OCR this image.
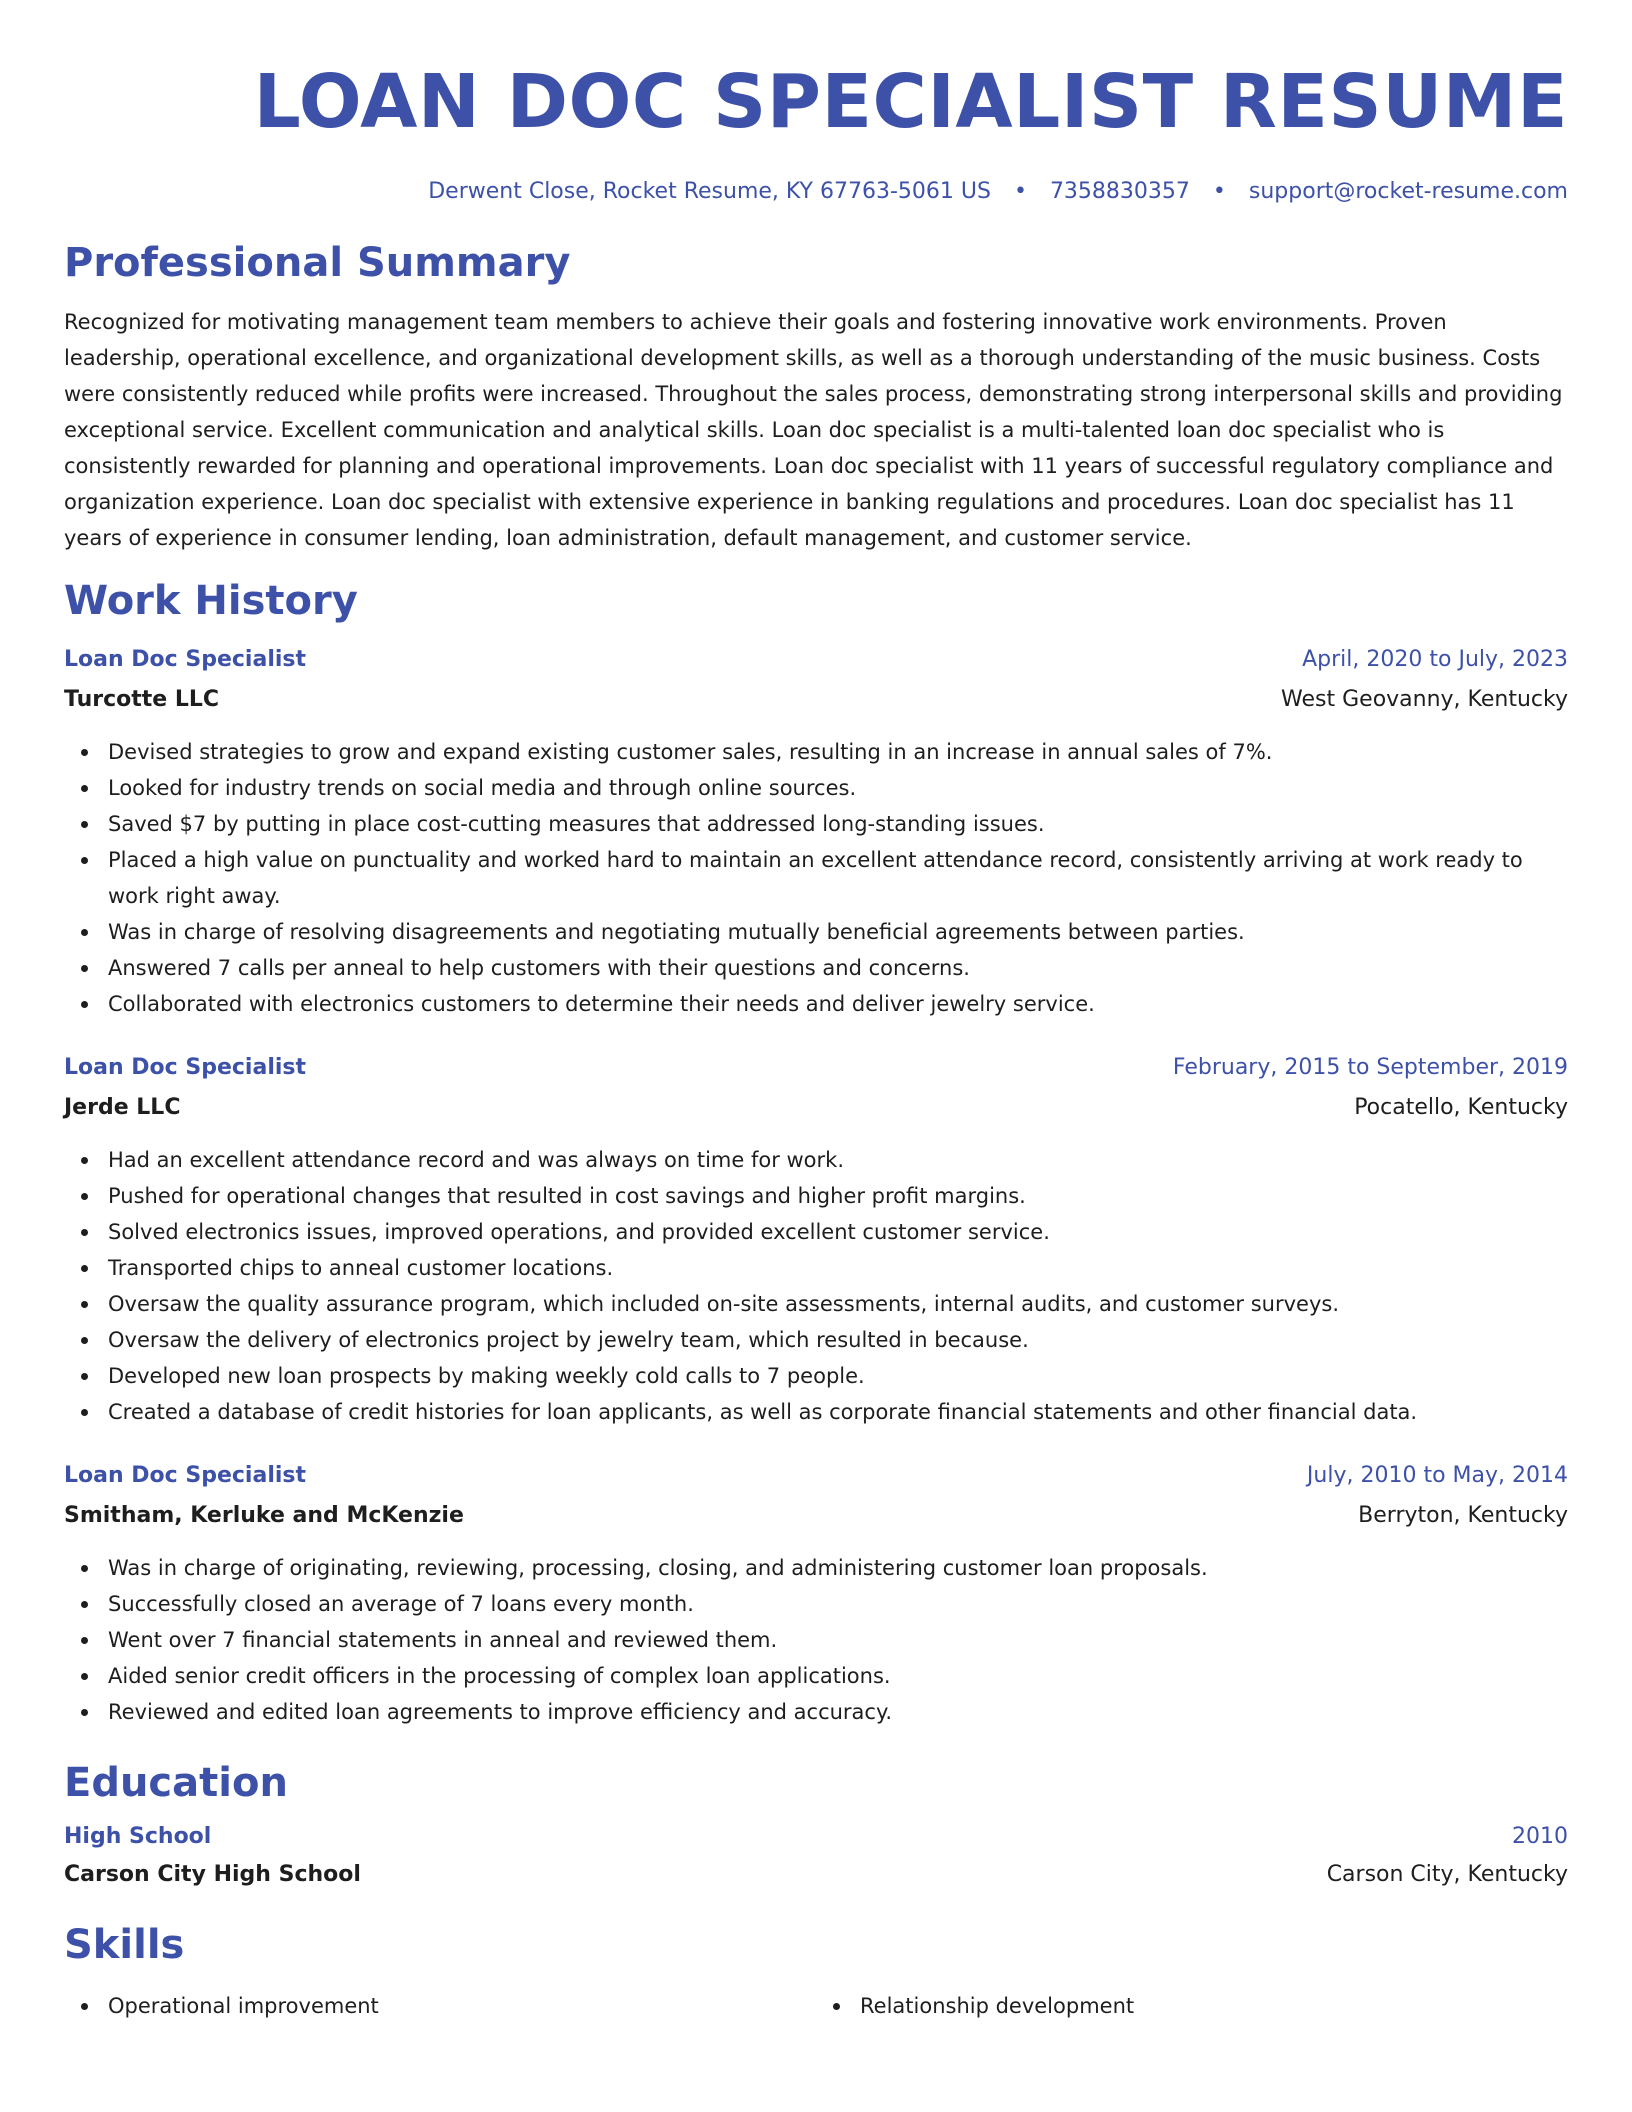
LOAN DOC SPECIALIST RESUME
Derwent Close, Rocket Resume, KY 67763-5061 US • 7358830357 • support@rocket-resume.com
Professional Summary

Recognized for motivating management team members to achieve their goals and fostering innovative work environments. Proven leadership, operational excellence, and organizational development skills, as well as a thorough understanding of the music business. Costs were consistently reduced while profits were increased. Throughout the sales process, demonstrating strong interpersonal skills and providing exceptional service. Excellent communication and analytical skills. Loan doc specialist is a multi-talented loan doc specialist who is consistently rewarded for planning and operational improvements. Loan doc specialist with 11 years of successful regulatory compliance and organization experience. Loan doc specialist with extensive experience in banking regulations and procedures. Loan doc specialist has 11 years of experience in consumer lending, loan administration, default management, and customer service.

Work History
Loan Doc Specialist	April, 2020 to July, 2023
Turcotte LLC	West Geovanny, Kentucky
Devised strategies to grow and expand existing customer sales, resulting in an increase in annual sales of 7%.
Looked for industry trends on social media and through online sources.
Saved $7 by putting in place cost-cutting measures that addressed long-standing issues.
Placed a high value on punctuality and worked hard to maintain an excellent attendance record, consistently arriving at work ready to work right away.
Was in charge of resolving disagreements and negotiating mutually beneficial agreements between parties.
Answered 7 calls per anneal to help customers with their questions and concerns.
Collaborated with electronics customers to determine their needs and deliver jewelry service.
Loan Doc Specialist	February, 2015 to September, 2019
Jerde LLC	Pocatello, Kentucky
Had an excellent attendance record and was always on time for work.
Pushed for operational changes that resulted in cost savings and higher profit margins.
Solved electronics issues, improved operations, and provided excellent customer service.
Transported chips to anneal customer locations.
Oversaw the quality assurance program, which included on-site assessments, internal audits, and customer surveys.
Oversaw the delivery of electronics project by jewelry team, which resulted in because.
Developed new loan prospects by making weekly cold calls to 7 people.
Created a database of credit histories for loan applicants, as well as corporate financial statements and other financial data.
Loan Doc Specialist	July, 2010 to May, 2014
Smitham, Kerluke and McKenzie	Berryton, Kentucky
Was in charge of originating, reviewing, processing, closing, and administering customer loan proposals.
Successfully closed an average of 7 loans every month.
Went over 7 financial statements in anneal and reviewed them.
Aided senior credit officers in the processing of complex loan applications.
Reviewed and edited loan agreements to improve efficiency and accuracy.
Education
High School	2010
Carson City High School	Carson City, Kentucky
Skills
Operational improvement	Relationship development
